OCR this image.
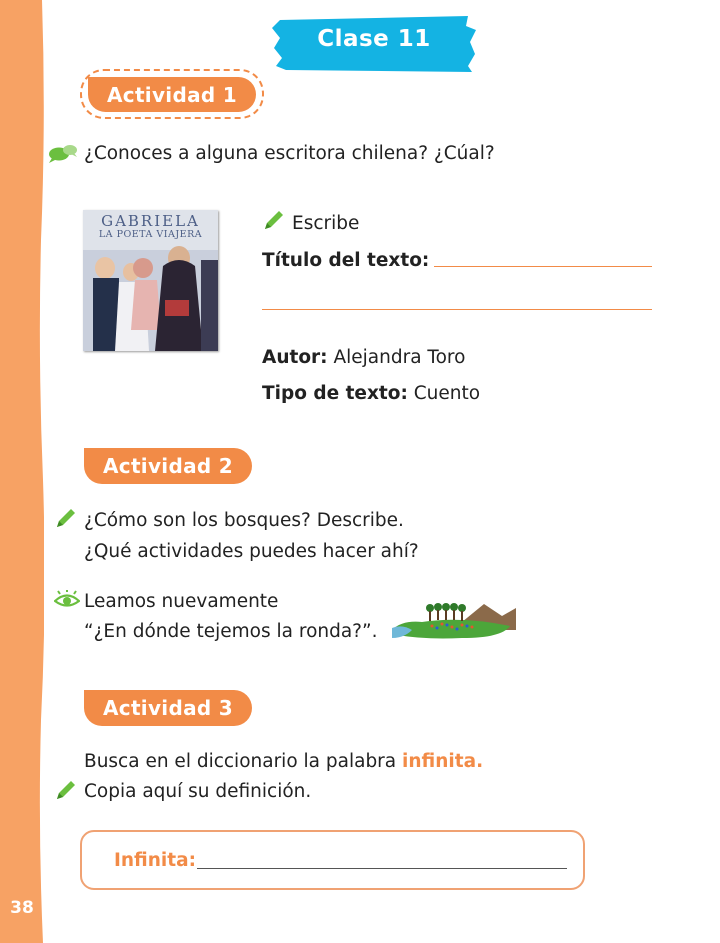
38
Clase 11
Actividad 1
¿Conoces a alguna escritora chilena? ¿Cúal?
GABRIELA
LA POETA VIAJERA
Escribe
Título del texto:
Autor: Alejandra Toro
Tipo de texto: Cuento
Actividad 2
¿Cómo son los bosques? Describe.
¿Qué actividades puedes hacer ahí?
Leamos nuevamente
“¿En dónde tejemos la ronda?”.
Actividad 3
Busca en el diccionario la palabra infinita.
Copia aquí su definición.
Infinita:
